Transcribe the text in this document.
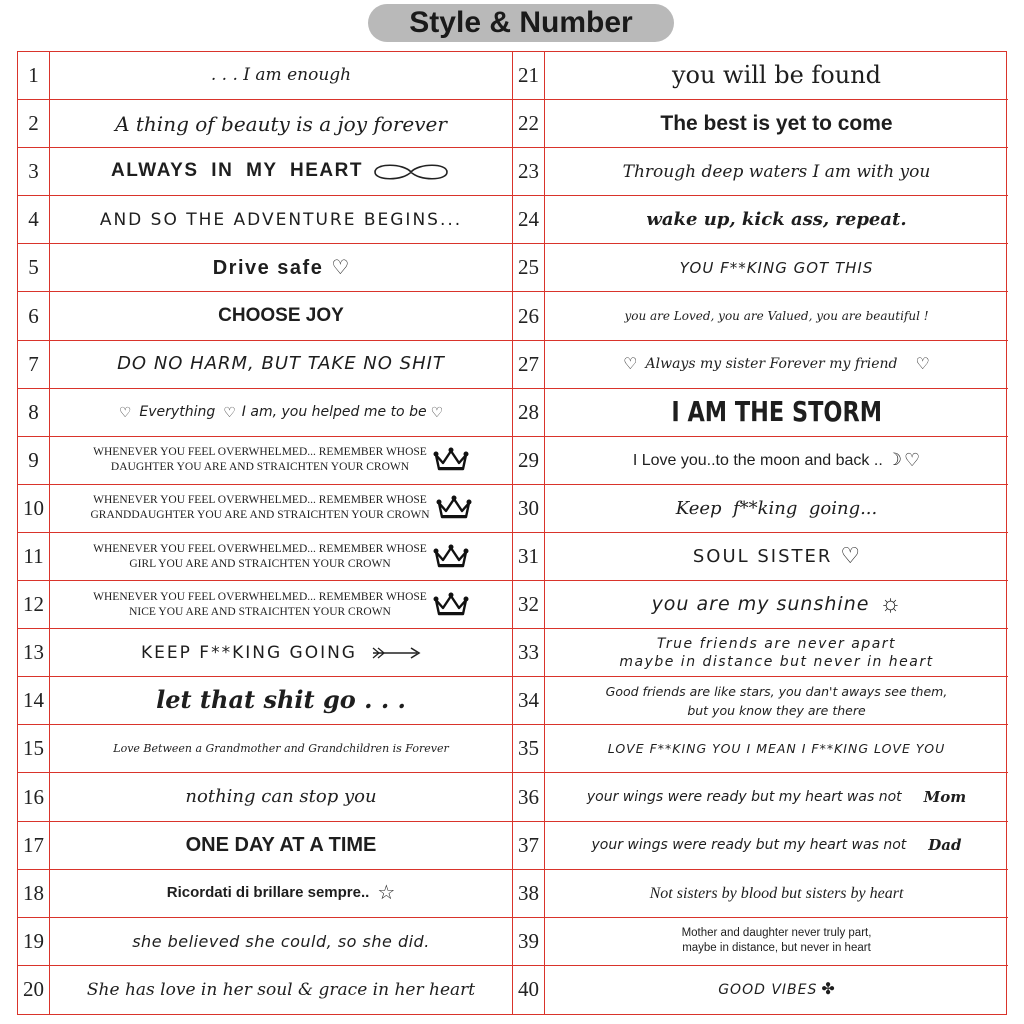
Style & Number
1	. . . I am enough	21	you will be found
2	A thing of beauty is a joy forever	22	The best is yet to come
3	ALWAYS IN MY HEART	23	Through deep waters I am with you
4	AND SO THE ADVENTURE BEGINS...	24	wake up, kick ass, repeat.
5	Drive safe ♡	25	YOU F**KING GOT THIS
6	CHOOSE JOY	26	you are Loved, you are Valued, you are beautiful !
7	DO NO HARM, BUT TAKE NO SHIT	27	♡ Always my sister Forever my friend ♡
8	♡ Everything ♡ I am, you helped me to be ♡	28	I AM THE STORM
9	WHENEVER YOU FEEL OVERWHELMED... REMEMBER WHOSE
DAUGHTER YOU ARE AND STRAICHTEN YOUR CROWN	29	I Love you..to the moon and back .. ☽ ♡
10	WHENEVER YOU FEEL OVERWHELMED... REMEMBER WHOSE
GRANDDAUGHTER YOU ARE AND STRAICHTEN YOUR CROWN	30	Keep  f**king  going...
11	WHENEVER YOU FEEL OVERWHELMED... REMEMBER WHOSE
GIRL YOU ARE AND STRAICHTEN YOUR CROWN	31	SOUL SISTER ♡
12	WHENEVER YOU FEEL OVERWHELMED... REMEMBER WHOSE
NICE YOU ARE AND STRAICHTEN YOUR CROWN	32	you are my sunshine ☼
13	KEEP F**KING GOING	33	True friends are never apart
maybe in distance but never in heart
14	let that shit go . . .	34	Good friends are like stars, you dan't aways see them,
but you know they are there
15	Love Between a Grandmother and Grandchildren is Forever	35	LOVE F**KING YOU I MEAN I F**KING LOVE YOU
16	nothing can stop you	36	your wings were ready but my heart was not Mom
17	ONE DAY AT A TIME	37	your wings were ready but my heart was not Dad
18	Ricordati di brillare sempre.. ☆	38	Not sisters by blood but sisters by heart
19	she believed she could, so she did.	39	Mother and daughter never truly part,
maybe in distance, but never in heart
20	She has love in her soul & grace in her heart	40	GOOD VIBES ✤
